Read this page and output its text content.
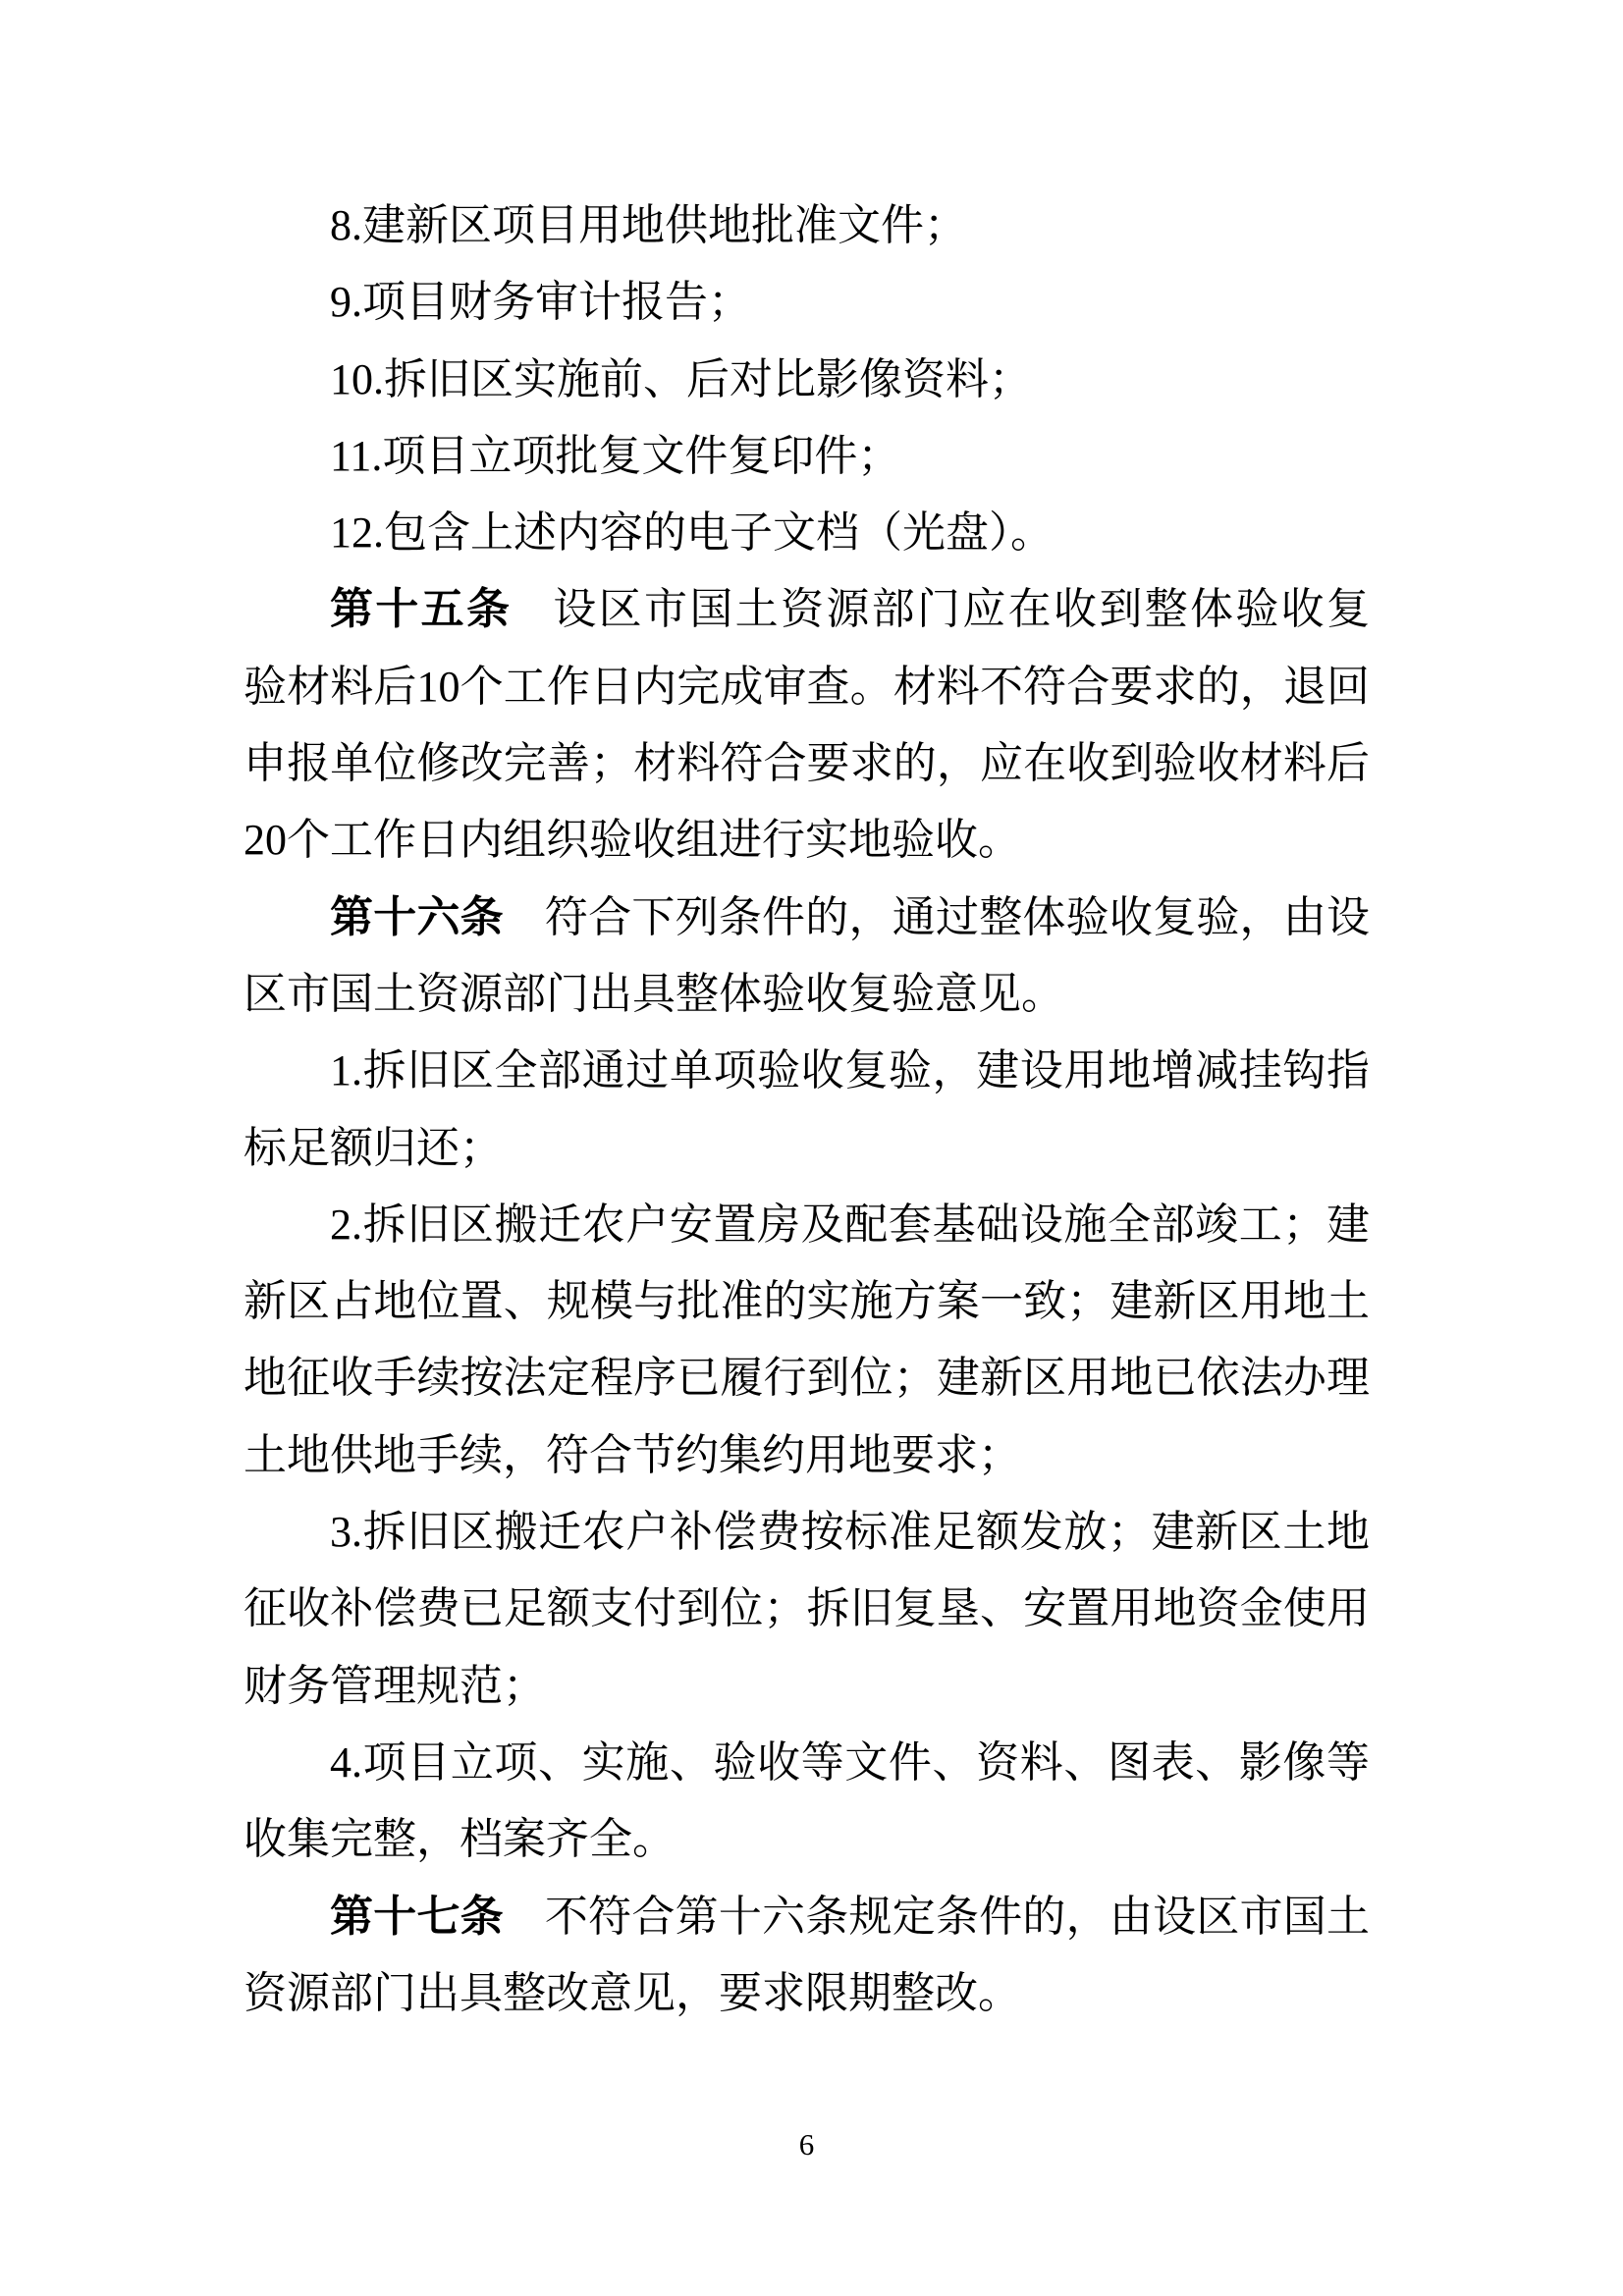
8.建新区项目用地供地批准文件；
9.项目财务审计报告；
10.拆旧区实施前、后对比影像资料；
11.项目立项批复文件复印件；
12.包含上述内容的电子文档（光盘）。
第十五条 设区市国土资源部门应在收到整体验收复
验材料后10个工作日内完成审查。材料不符合要求的，退回
申报单位修改完善；材料符合要求的，应在收到验收材料后
20个工作日内组织验收组进行实地验收。
第十六条 符合下列条件的，通过整体验收复验，由设
区市国土资源部门出具整体验收复验意见。
1.拆旧区全部通过单项验收复验，建设用地增减挂钩指
标足额归还；
2.拆旧区搬迁农户安置房及配套基础设施全部竣工；建
新区占地位置、规模与批准的实施方案一致；建新区用地土
地征收手续按法定程序已履行到位；建新区用地已依法办理
土地供地手续，符合节约集约用地要求；
3.拆旧区搬迁农户补偿费按标准足额发放；建新区土地
征收补偿费已足额支付到位；拆旧复垦、安置用地资金使用
财务管理规范；
4.项目立项、实施、验收等文件、资料、图表、影像等
收集完整，档案齐全。
第十七条 不符合第十六条规定条件的，由设区市国土
资源部门出具整改意见，要求限期整改。
6
